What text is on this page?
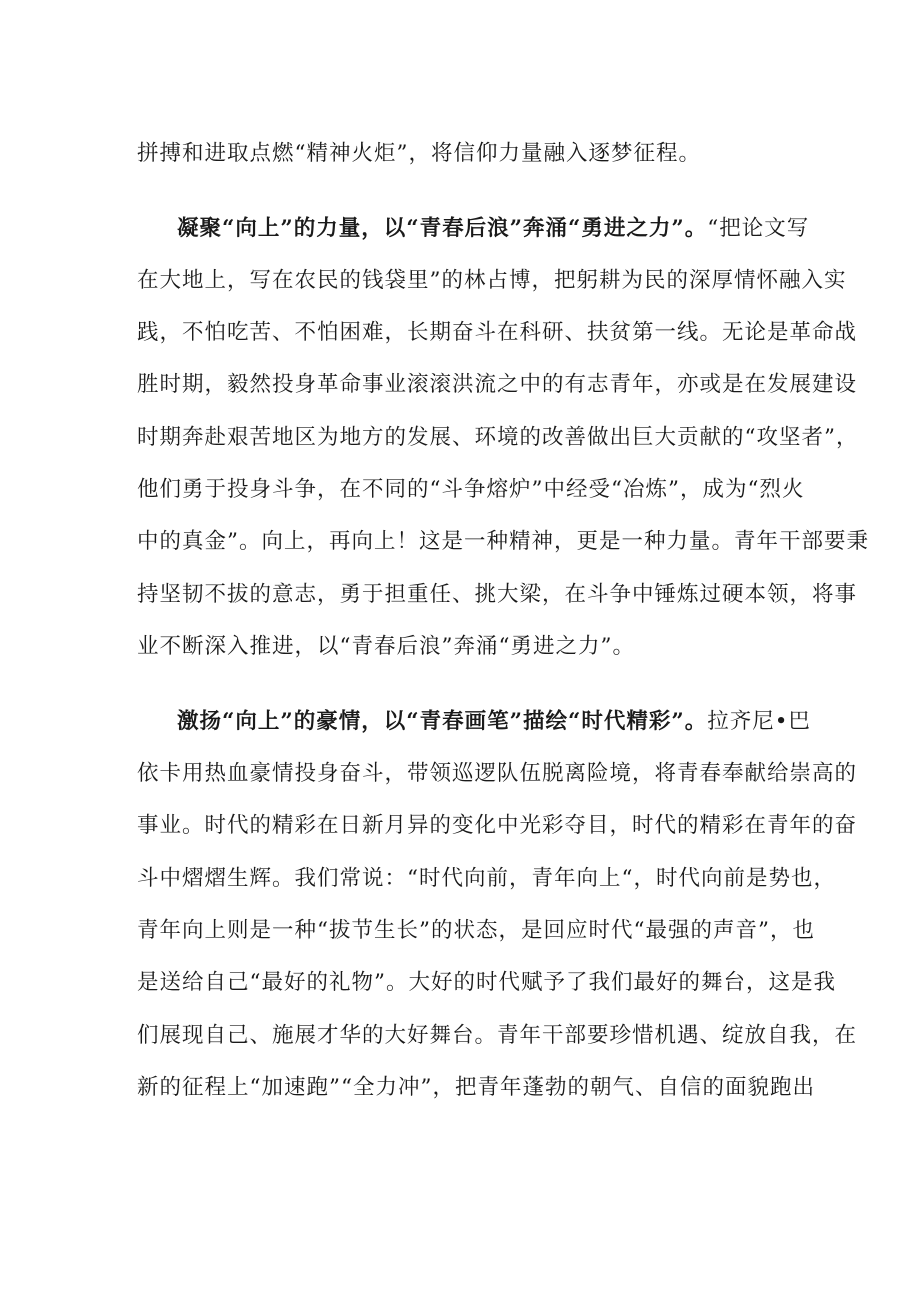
拼搏和进取点燃“精神火炬”，将信仰力量融入逐梦征程。
凝聚“向上”的力量，以“青春后浪”奔涌“勇进之力”。“把论文写
在大地上，写在农民的钱袋里”的林占博，把躬耕为民的深厚情怀融入实
践，不怕吃苦、不怕困难，长期奋斗在科研、扶贫第一线。无论是革命战
胜时期，毅然投身革命事业滚滚洪流之中的有志青年，亦或是在发展建设
时期奔赴艰苦地区为地方的发展、环境的改善做出巨大贡献的“攻坚者”，
他们勇于投身斗争，在不同的“斗争熔炉”中经受“冶炼”，成为“烈火
中的真金”。向上，再向上！这是一种精神，更是一种力量。青年干部要秉
持坚韧不拔的意志，勇于担重任、挑大梁，在斗争中锤炼过硬本领，将事
业不断深入推进，以“青春后浪”奔涌“勇进之力”。
激扬“向上”的豪情，以“青春画笔”描绘“时代精彩”。拉齐尼•巴
依卡用热血豪情投身奋斗，带领巡逻队伍脱离险境，将青春奉献给崇高的
事业。时代的精彩在日新月异的变化中光彩夺目，时代的精彩在青年的奋
斗中熠熠生辉。我们常说：“时代向前，青年向上“，时代向前是势也，
青年向上则是一种“拔节生长”的状态，是回应时代“最强的声音”，也
是送给自己“最好的礼物”。大好的时代赋予了我们最好的舞台，这是我
们展现自己、施展才华的大好舞台。青年干部要珍惜机遇、绽放自我，在
新的征程上“加速跑”“全力冲”，把青年蓬勃的朝气、自信的面貌跑出
